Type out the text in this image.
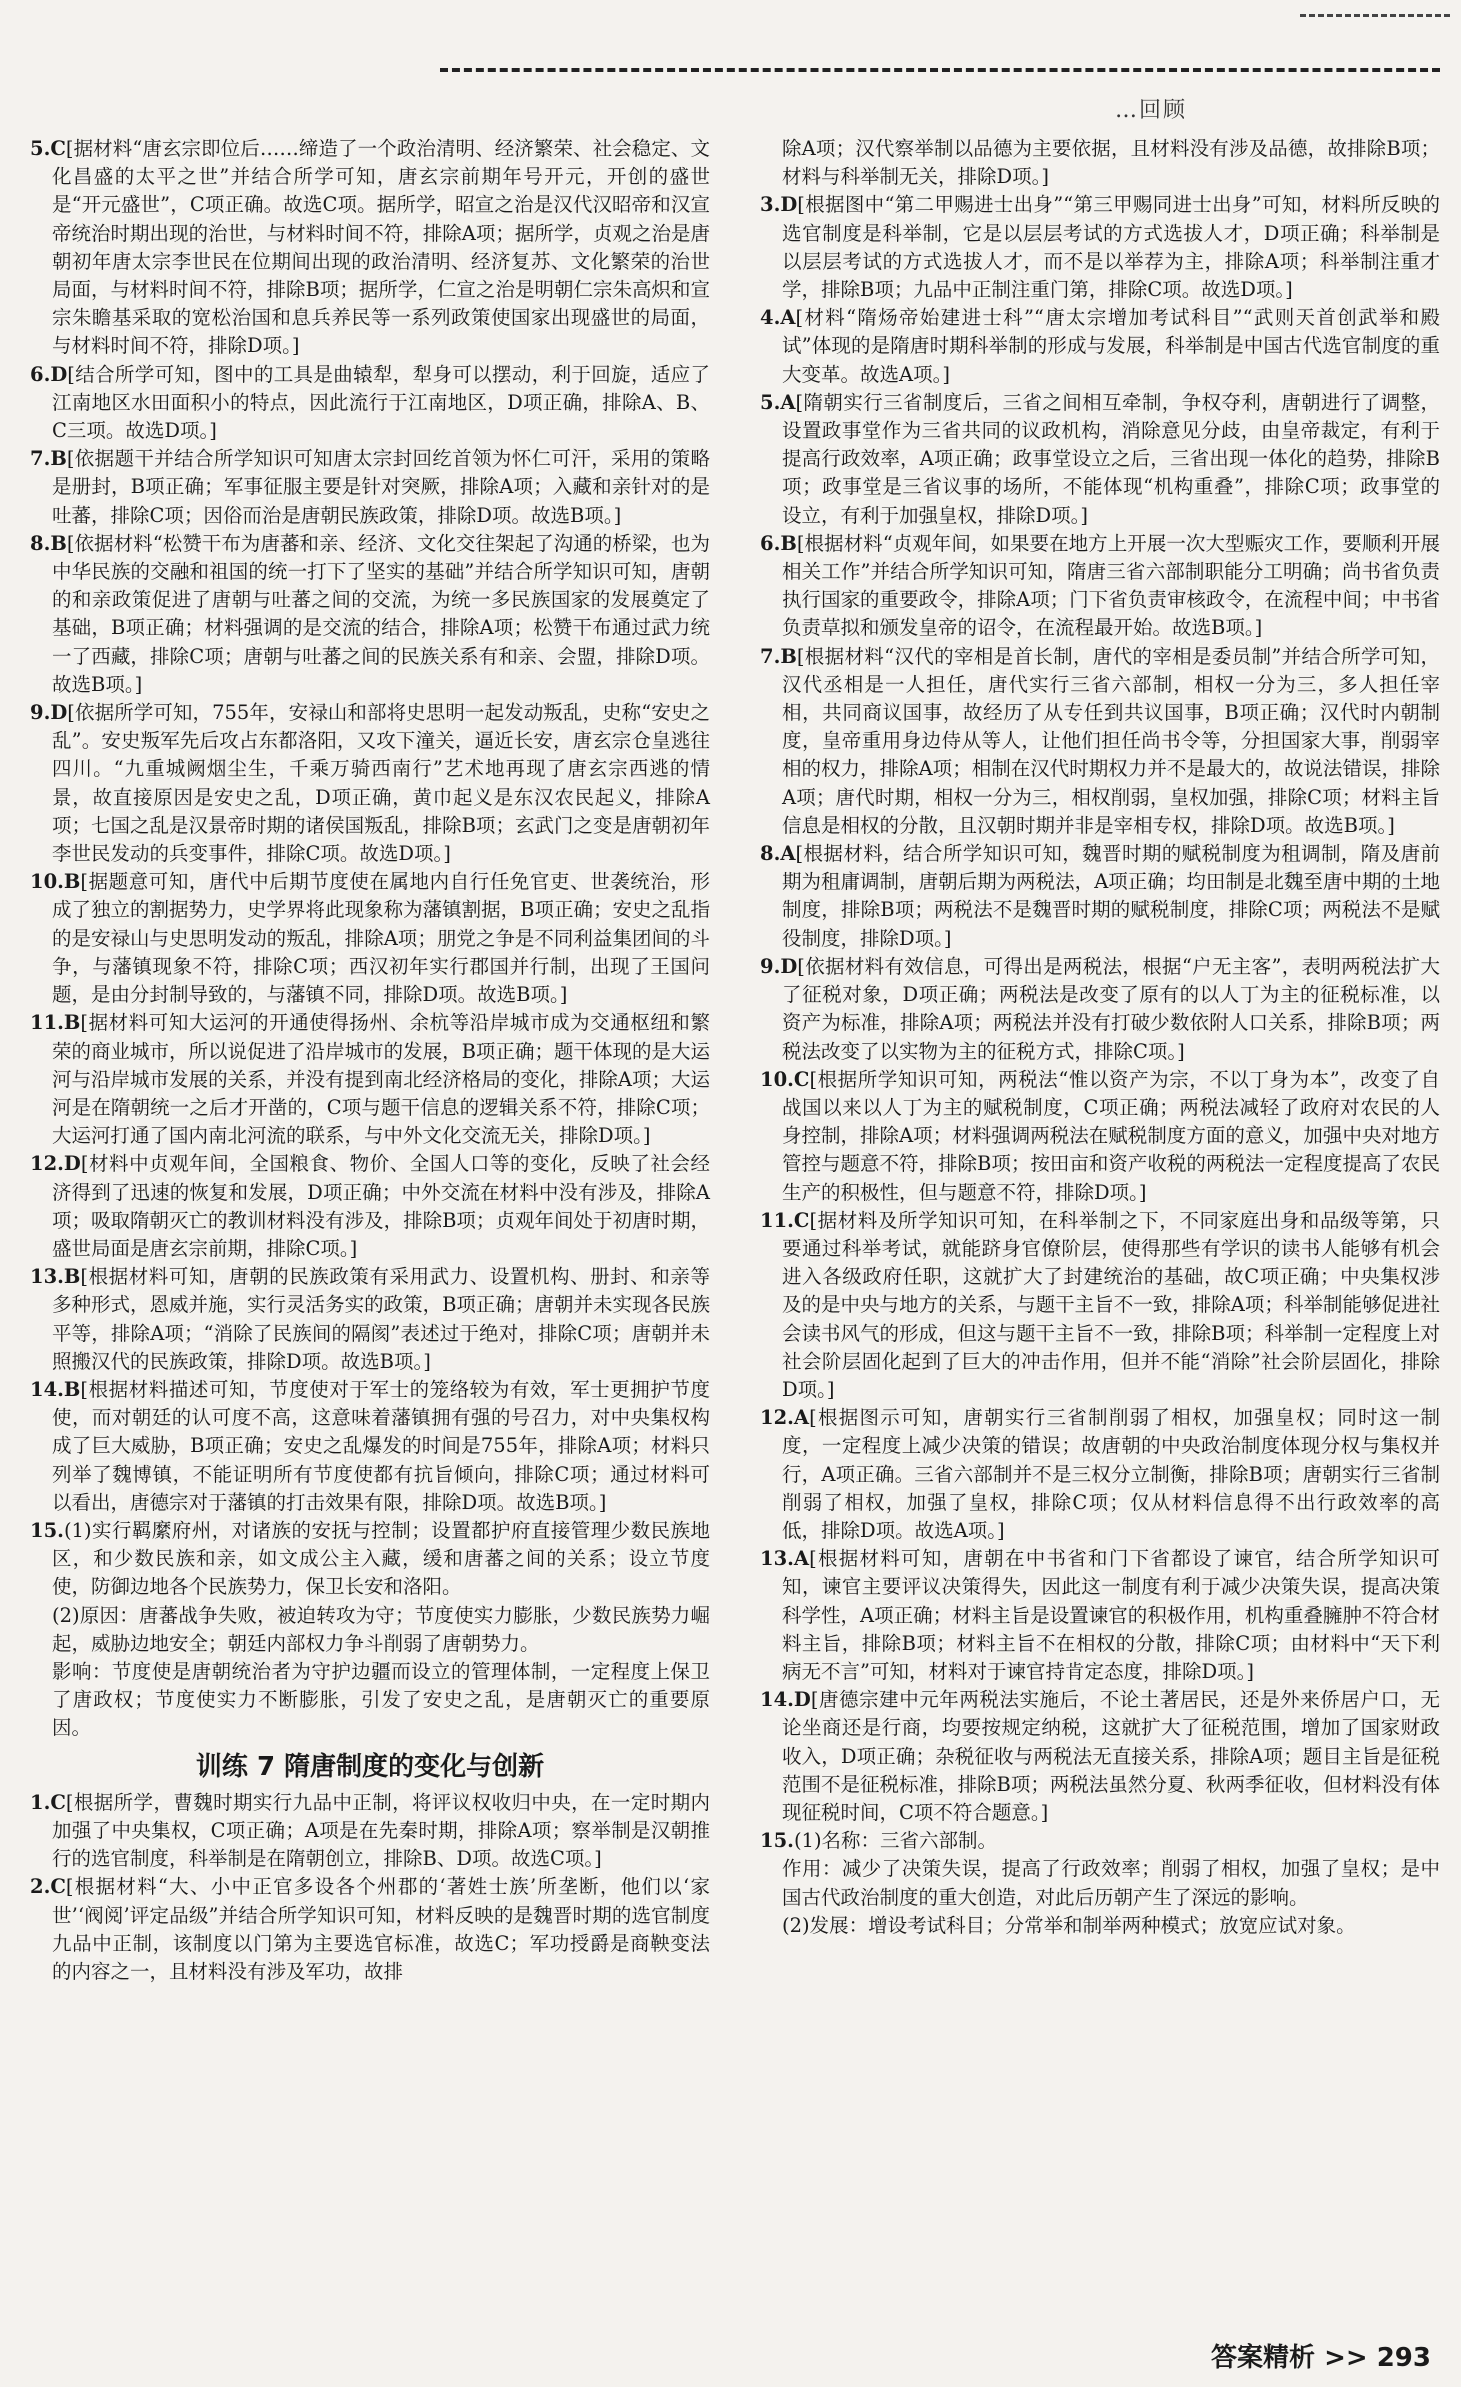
…回顾
5.C[据材料“唐玄宗即位后……缔造了一个政治清明、经济繁荣、社会稳定、文化昌盛的太平之世”并结合所学可知，唐玄宗前期年号开元，开创的盛世是“开元盛世”，C项正确。故选C项。据所学，昭宣之治是汉代汉昭帝和汉宣帝统治时期出现的治世，与材料时间不符，排除A项；据所学，贞观之治是唐朝初年唐太宗李世民在位期间出现的政治清明、经济复苏、文化繁荣的治世局面，与材料时间不符，排除B项；据所学，仁宣之治是明朝仁宗朱高炽和宣宗朱瞻基采取的宽松治国和息兵养民等一系列政策使国家出现盛世的局面，与材料时间不符，排除D项。]
6.D[结合所学可知，图中的工具是曲辕犁，犁身可以摆动，利于回旋，适应了江南地区水田面积小的特点，因此流行于江南地区，D项正确，排除A、B、C三项。故选D项。]
7.B[依据题干并结合所学知识可知唐太宗封回纥首领为怀仁可汗，采用的策略是册封，B项正确；军事征服主要是针对突厥，排除A项；入藏和亲针对的是吐蕃，排除C项；因俗而治是唐朝民族政策，排除D项。故选B项。]
8.B[依据材料“松赞干布为唐蕃和亲、经济、文化交往架起了沟通的桥梁，也为中华民族的交融和祖国的统一打下了坚实的基础”并结合所学知识可知，唐朝的和亲政策促进了唐朝与吐蕃之间的交流，为统一多民族国家的发展奠定了基础，B项正确；材料强调的是交流的结合，排除A项；松赞干布通过武力统一了西藏，排除C项；唐朝与吐蕃之间的民族关系有和亲、会盟，排除D项。故选B项。]
9.D[依据所学可知，755年，安禄山和部将史思明一起发动叛乱，史称“安史之乱”。安史叛军先后攻占东都洛阳，又攻下潼关，逼近长安，唐玄宗仓皇逃往四川。“九重城阙烟尘生，千乘万骑西南行”艺术地再现了唐玄宗西逃的情景，故直接原因是安史之乱，D项正确，黄巾起义是东汉农民起义，排除A项；七国之乱是汉景帝时期的诸侯国叛乱，排除B项；玄武门之变是唐朝初年李世民发动的兵变事件，排除C项。故选D项。]
10.B[据题意可知，唐代中后期节度使在属地内自行任免官吏、世袭统治，形成了独立的割据势力，史学界将此现象称为藩镇割据，B项正确；安史之乱指的是安禄山与史思明发动的叛乱，排除A项；朋党之争是不同利益集团间的斗争，与藩镇现象不符，排除C项；西汉初年实行郡国并行制，出现了王国问题，是由分封制导致的，与藩镇不同，排除D项。故选B项。]
11.B[据材料可知大运河的开通使得扬州、余杭等沿岸城市成为交通枢纽和繁荣的商业城市，所以说促进了沿岸城市的发展，B项正确；题干体现的是大运河与沿岸城市发展的关系，并没有提到南北经济格局的变化，排除A项；大运河是在隋朝统一之后才开凿的，C项与题干信息的逻辑关系不符，排除C项；大运河打通了国内南北河流的联系，与中外文化交流无关，排除D项。]
12.D[材料中贞观年间，全国粮食、物价、全国人口等的变化，反映了社会经济得到了迅速的恢复和发展，D项正确；中外交流在材料中没有涉及，排除A项；吸取隋朝灭亡的教训材料没有涉及，排除B项；贞观年间处于初唐时期，盛世局面是唐玄宗前期，排除C项。]
13.B[根据材料可知，唐朝的民族政策有采用武力、设置机构、册封、和亲等多种形式，恩威并施，实行灵活务实的政策，B项正确；唐朝并未实现各民族平等，排除A项；“消除了民族间的隔阂”表述过于绝对，排除C项；唐朝并未照搬汉代的民族政策，排除D项。故选B项。]
14.B[根据材料描述可知，节度使对于军士的笼络较为有效，军士更拥护节度使，而对朝廷的认可度不高，这意味着藩镇拥有强的号召力，对中央集权构成了巨大威胁，B项正确；安史之乱爆发的时间是755年，排除A项；材料只列举了魏博镇，不能证明所有节度使都有抗旨倾向，排除C项；通过材料可以看出，唐德宗对于藩镇的打击效果有限，排除D项。故选B项。]
15.(1)实行羁縻府州，对诸族的安抚与控制；设置都护府直接管理少数民族地区，和少数民族和亲，如文成公主入藏，缓和唐蕃之间的关系；设立节度使，防御边地各个民族势力，保卫长安和洛阳。
(2)原因：唐蕃战争失败，被迫转攻为守；节度使实力膨胀，少数民族势力崛起，威胁边地安全；朝廷内部权力争斗削弱了唐朝势力。
影响：节度使是唐朝统治者为守护边疆而设立的管理体制，一定程度上保卫了唐政权；节度使实力不断膨胀，引发了安史之乱，是唐朝灭亡的重要原因。
训练 7 隋唐制度的变化与创新
1.C[根据所学，曹魏时期实行九品中正制，将评议权收归中央，在一定时期内加强了中央集权，C项正确；A项是在先秦时期，排除A项；察举制是汉朝推行的选官制度，科举制是在隋朝创立，排除B、D项。故选C项。]
2.C[根据材料“大、小中正官多设各个州郡的‘著姓士族’所垄断，他们以‘家世’‘阀阅’评定品级”并结合所学知识可知，材料反映的是魏晋时期的选官制度九品中正制，该制度以门第为主要选官标准，故选C；军功授爵是商鞅变法的内容之一，且材料没有涉及军功，故排
除A项；汉代察举制以品德为主要依据，且材料没有涉及品德，故排除B项；材料与科举制无关，排除D项。]
3.D[根据图中“第二甲赐进士出身”“第三甲赐同进士出身”可知，材料所反映的选官制度是科举制，它是以层层考试的方式选拔人才，D项正确；科举制是以层层考试的方式选拔人才，而不是以举荐为主，排除A项；科举制注重才学，排除B项；九品中正制注重门第，排除C项。故选D项。]
4.A[材料“隋炀帝始建进士科”“唐太宗增加考试科目”“武则天首创武举和殿试”体现的是隋唐时期科举制的形成与发展，科举制是中国古代选官制度的重大变革。故选A项。]
5.A[隋朝实行三省制度后，三省之间相互牵制，争权夺利，唐朝进行了调整，设置政事堂作为三省共同的议政机构，消除意见分歧，由皇帝裁定，有利于提高行政效率，A项正确；政事堂设立之后，三省出现一体化的趋势，排除B项；政事堂是三省议事的场所，不能体现“机构重叠”，排除C项；政事堂的设立，有利于加强皇权，排除D项。]
6.B[根据材料“贞观年间，如果要在地方上开展一次大型赈灾工作，要顺利开展相关工作”并结合所学知识可知，隋唐三省六部制职能分工明确；尚书省负责执行国家的重要政令，排除A项；门下省负责审核政令，在流程中间；中书省负责草拟和颁发皇帝的诏令，在流程最开始。故选B项。]
7.B[根据材料“汉代的宰相是首长制，唐代的宰相是委员制”并结合所学可知，汉代丞相是一人担任，唐代实行三省六部制，相权一分为三，多人担任宰相，共同商议国事，故经历了从专任到共议国事，B项正确；汉代时内朝制度，皇帝重用身边侍从等人，让他们担任尚书令等，分担国家大事，削弱宰相的权力，排除A项；相制在汉代时期权力并不是最大的，故说法错误，排除A项；唐代时期，相权一分为三，相权削弱，皇权加强，排除C项；材料主旨信息是相权的分散，且汉朝时期并非是宰相专权，排除D项。故选B项。]
8.A[根据材料，结合所学知识可知，魏晋时期的赋税制度为租调制，隋及唐前期为租庸调制，唐朝后期为两税法，A项正确；均田制是北魏至唐中期的土地制度，排除B项；两税法不是魏晋时期的赋税制度，排除C项；两税法不是赋役制度，排除D项。]
9.D[依据材料有效信息，可得出是两税法，根据“户无主客”，表明两税法扩大了征税对象，D项正确；两税法是改变了原有的以人丁为主的征税标准，以资产为标准，排除A项；两税法并没有打破少数依附人口关系，排除B项；两税法改变了以实物为主的征税方式，排除C项。]
10.C[根据所学知识可知，两税法“惟以资产为宗，不以丁身为本”，改变了自战国以来以人丁为主的赋税制度，C项正确；两税法减轻了政府对农民的人身控制，排除A项；材料强调两税法在赋税制度方面的意义，加强中央对地方管控与题意不符，排除B项；按田亩和资产收税的两税法一定程度提高了农民生产的积极性，但与题意不符，排除D项。]
11.C[据材料及所学知识可知，在科举制之下，不同家庭出身和品级等第，只要通过科举考试，就能跻身官僚阶层，使得那些有学识的读书人能够有机会进入各级政府任职，这就扩大了封建统治的基础，故C项正确；中央集权涉及的是中央与地方的关系，与题干主旨不一致，排除A项；科举制能够促进社会读书风气的形成，但这与题干主旨不一致，排除B项；科举制一定程度上对社会阶层固化起到了巨大的冲击作用，但并不能“消除”社会阶层固化，排除D项。]
12.A[根据图示可知，唐朝实行三省制削弱了相权，加强皇权；同时这一制度，一定程度上减少决策的错误；故唐朝的中央政治制度体现分权与集权并行，A项正确。三省六部制并不是三权分立制衡，排除B项；唐朝实行三省制削弱了相权，加强了皇权，排除C项；仅从材料信息得不出行政效率的高低，排除D项。故选A项。]
13.A[根据材料可知，唐朝在中书省和门下省都设了谏官，结合所学知识可知，谏官主要评议决策得失，因此这一制度有利于减少决策失误，提高决策科学性，A项正确；材料主旨是设置谏官的积极作用，机构重叠臃肿不符合材料主旨，排除B项；材料主旨不在相权的分散，排除C项；由材料中“天下利病无不言”可知，材料对于谏官持肯定态度，排除D项。]
14.D[唐德宗建中元年两税法实施后，不论土著居民，还是外来侨居户口，无论坐商还是行商，均要按规定纳税，这就扩大了征税范围，增加了国家财政收入，D项正确；杂税征收与两税法无直接关系，排除A项；题目主旨是征税范围不是征税标准，排除B项；两税法虽然分夏、秋两季征收，但材料没有体现征税时间，C项不符合题意。]
15.(1)名称：三省六部制。
作用：减少了决策失误，提高了行政效率；削弱了相权，加强了皇权；是中国古代政治制度的重大创造，对此后历朝产生了深远的影响。
(2)发展：增设考试科目；分常举和制举两种模式；放宽应试对象。
答案精析 >> 293
